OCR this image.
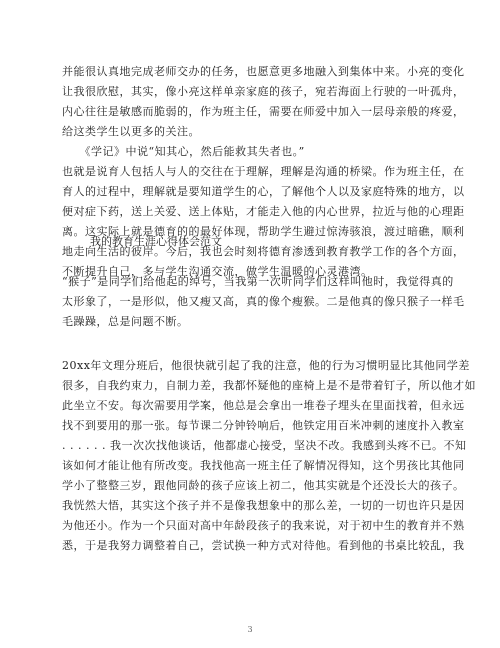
并能很认真地完成老师交办的任务，也愿意更多地融入到集体中来。小亮的变化
让我很欣慰，其实，像小亮这样单亲家庭的孩子，宛若海面上行驶的一叶孤舟，
内心往往是敏感而脆弱的，作为班主任，需要在师爱中加入一层母亲般的疼爱，
给这类学生以更多的关注。
　　《学记》中说“知其心，然后能救其失者也。”
也就是说育人包括人与人的交往在于理解，理解是沟通的桥梁。作为班主任，在
育人的过程中，理解就是要知道学生的心，了解他个人以及家庭特殊的地方，以
便对症下药，送上关爱、送上体贴，才能走入他的内心世界，拉近与他的心理距
离。这实际上就是德育的的最好体现，帮助学生避过惊涛骇浪，渡过暗礁，顺利
地走向生活的彼岸。今后，我也会时刻将德育渗透到教育教学工作的各个方面，
不断提升自己，多与学生沟通交流，做学生温暖的心灵港湾。
我的教育生涯心得体会范文
“猴子”是同学们给他起的绰号，当我第一次听同学们这样叫他时，我觉得真的
太形象了，一是形似，他又瘦又高，真的像个瘦猴。二是他真的像只猴子一样毛
毛躁躁，总是问题不断。
20xx年文理分班后，他很快就引起了我的注意，他的行为习惯明显比其他同学差
很多，自我约束力，自制力差，我都怀疑他的座椅上是不是带着钉子，所以他才如
此坐立不安。每次需要用学案，他总是会拿出一堆卷子埋头在里面找着，但永远
找不到要用的那一张。每节课二分钟铃响后，他铁定用百米冲刺的速度扑入教室
. . . . . . 我一次次找他谈话，他都虚心接受，坚决不改。我感到头疼不已。不知
该如何才能让他有所改变。我找他高一班主任了解情况得知，这个男孩比其他同
学小了整整三岁，跟他同龄的孩子应该上初二，他其实就是个还没长大的孩子。
我恍然大悟，其实这个孩子并不是像我想象中的那么差，一切的一切也许只是因
为他还小。作为一个只面对高中年龄段孩子的我来说，对于初中生的教育并不熟
悉，于是我努力调整着自己，尝试换一种方式对待他。看到他的书桌比较乱，我
3
